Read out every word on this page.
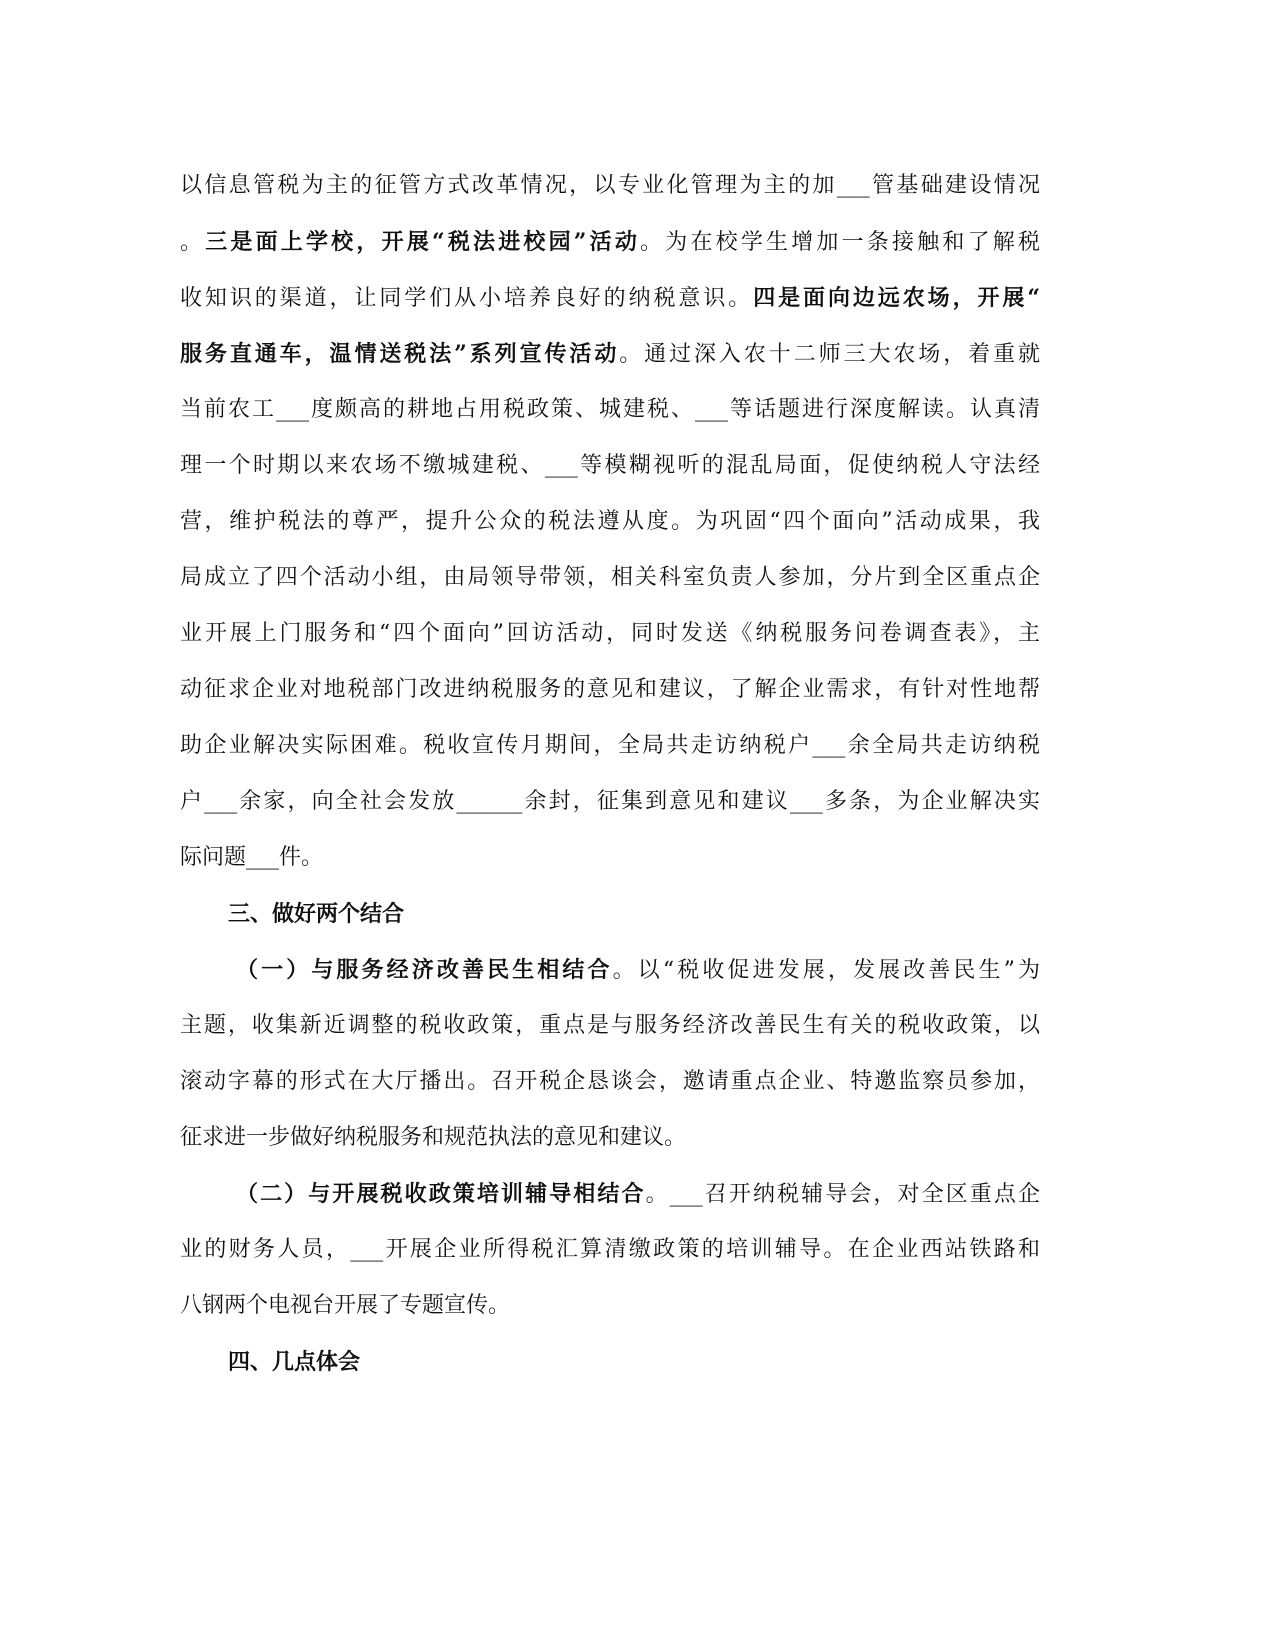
以信息管税为主的征管方式改革情况，以专业化管理为主的加___管基础建设情况
。三是面上学校，开展“税法进校园”活动。为在校学生增加一条接触和了解税
收知识的渠道，让同学们从小培养良好的纳税意识。四是面向边远农场，开展“
服务直通车，温情送税法”系列宣传活动。通过深入农十二师三大农场，着重就
当前农工___度颇高的耕地占用税政策、城建税、___等话题进行深度解读。认真清
理一个时期以来农场不缴城建税、___等模糊视听的混乱局面，促使纳税人守法经
营，维护税法的尊严，提升公众的税法遵从度。为巩固“四个面向”活动成果，我
局成立了四个活动小组，由局领导带领，相关科室负责人参加，分片到全区重点企
业开展上门服务和“四个面向”回访活动，同时发送《纳税服务问卷调查表》，主
动征求企业对地税部门改进纳税服务的意见和建议，了解企业需求，有针对性地帮
助企业解决实际困难。税收宣传月期间，全局共走访纳税户___余全局共走访纳税
户___余家，向全社会发放______余封，征集到意见和建议___多条，为企业解决实
际问题___件。
三、做好两个结合
（一）与服务经济改善民生相结合。以“税收促进发展，发展改善民生”为
主题，收集新近调整的税收政策，重点是与服务经济改善民生有关的税收政策，以
滚动字幕的形式在大厅播出。召开税企恳谈会，邀请重点企业、特邀监察员参加，
征求进一步做好纳税服务和规范执法的意见和建议。
（二）与开展税收政策培训辅导相结合。___召开纳税辅导会，对全区重点企
业的财务人员，___开展企业所得税汇算清缴政策的培训辅导。在企业西站铁路和
八钢两个电视台开展了专题宣传。
四、几点体会
